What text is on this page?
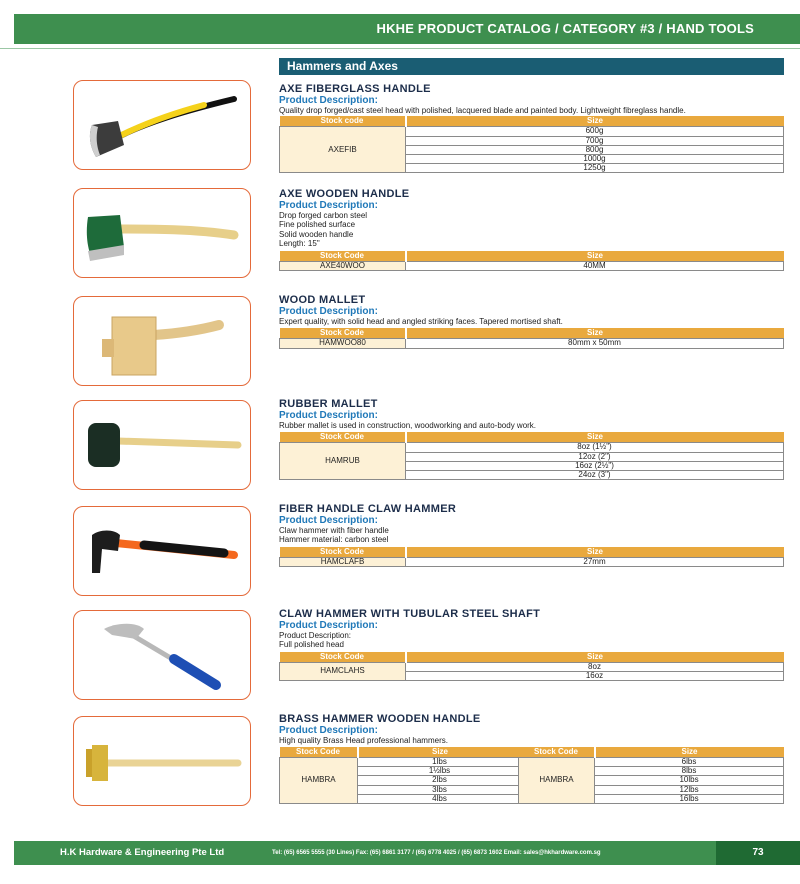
HKHE PRODUCT CATALOG / CATEGORY #3 / HAND TOOLS
Hammers and Axes
AXE FIBERGLASS HANDLE
Product Description:
Quality drop forged/cast steel head with polished, lacquered blade and painted body. Lightweight fibreglass handle.
Stock code	Size
AXEFIB	600g
	700g
	800g
	1000g
	1250g
AXE WOODEN HANDLE
Product Description:
Drop forged carbon steel
Fine polished surface
Solid wooden handle
Length: 15"
Stock Code	Size
AXE40WOO	40MM
WOOD MALLET
Product Description:
Expert quality, with solid head and angled striking faces. Tapered mortised shaft.
Stock Code	Size
HAMWOO80	80mm x 50mm
RUBBER MALLET
Product Description:
Rubber mallet is used in construction, woodworking and auto-body work.
Stock Code	Size
HAMRUB	8oz (1½")
	12oz (2")
	16oz (2½")
	24oz (3")
FIBER HANDLE CLAW HAMMER
Product Description:
Claw hammer with fiber handle
Hammer material: carbon steel
Stock Code	Size
HAMCLAFB	27mm
CLAW HAMMER WITH TUBULAR STEEL SHAFT
Product Description:
Product Description:
Full polished head
Stock Code	Size
HAMCLAHS	8oz
	16oz
BRASS HAMMER WOODEN HANDLE
Product Description:
High quality Brass Head professional hammers.
Stock Code	Size
HAMBRA	1lbs
	1½lbs
	2lbs
	3lbs
	4lbs
Stock Code	Size
HAMBRA	6lbs
	8lbs
	10lbs
	12lbs
	16lbs
H.K Hardware & Engineering Pte Ltd	Tel: (65) 6565 5555 (30 Lines) Fax: (65) 6861 3177 / (65) 6778 4025 / (65) 6873 1602 Email: sales@hkhardware.com.sg	73
